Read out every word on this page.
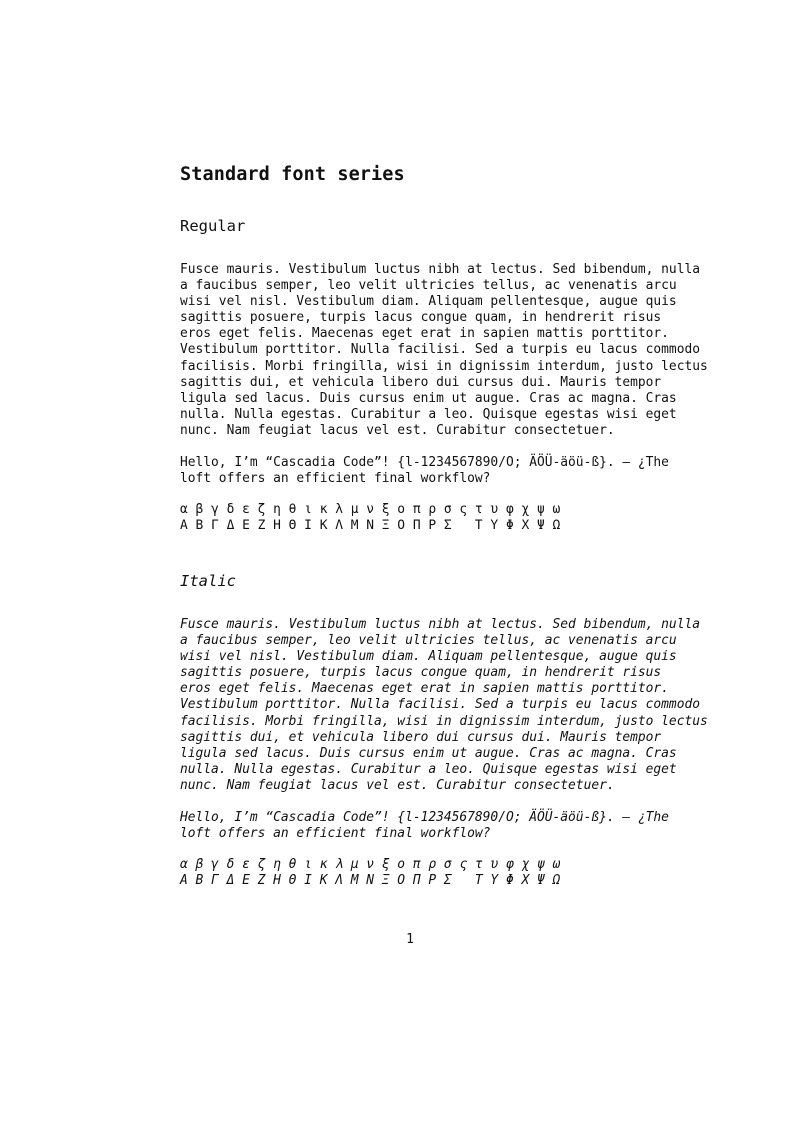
Standard font series
Regular
Fusce mauris. Vestibulum luctus nibh at lectus. Sed bibendum, nulla
a faucibus semper, leo velit ultricies tellus, ac venenatis arcu
wisi vel nisl. Vestibulum diam. Aliquam pellentesque, augue quis
sagittis posuere, turpis lacus congue quam, in hendrerit risus
eros eget felis. Maecenas eget erat in sapien mattis porttitor.
Vestibulum porttitor. Nulla facilisi. Sed a turpis eu lacus commodo
facilisis. Morbi fringilla, wisi in dignissim interdum, justo lectus
sagittis dui, et vehicula libero dui cursus dui. Mauris tempor
ligula sed lacus. Duis cursus enim ut augue. Cras ac magna. Cras
nulla. Nulla egestas. Curabitur a leo. Quisque egestas wisi eget
nunc. Nam feugiat lacus vel est. Curabitur consectetuer.
Hello, I’m “Cascadia Code”! {l-1234567890/O; ÄÖÜ-äöü-ß}. – ¿The
loft offers an efficient final workflow?
α β γ δ ε ζ η θ ι κ λ μ ν ξ ο π ρ σ ς τ υ φ χ ψ ω
Α Β Γ Δ Ε Ζ Η Θ Ι Κ Λ Μ Ν Ξ Ο Π Ρ Σ   Τ Υ Φ Χ Ψ Ω
Italic
Fusce mauris. Vestibulum luctus nibh at lectus. Sed bibendum, nulla
a faucibus semper, leo velit ultricies tellus, ac venenatis arcu
wisi vel nisl. Vestibulum diam. Aliquam pellentesque, augue quis
sagittis posuere, turpis lacus congue quam, in hendrerit risus
eros eget felis. Maecenas eget erat in sapien mattis porttitor.
Vestibulum porttitor. Nulla facilisi. Sed a turpis eu lacus commodo
facilisis. Morbi fringilla, wisi in dignissim interdum, justo lectus
sagittis dui, et vehicula libero dui cursus dui. Mauris tempor
ligula sed lacus. Duis cursus enim ut augue. Cras ac magna. Cras
nulla. Nulla egestas. Curabitur a leo. Quisque egestas wisi eget
nunc. Nam feugiat lacus vel est. Curabitur consectetuer.
Hello, I’m “Cascadia Code”! {l-1234567890/O; ÄÖÜ-äöü-ß}. – ¿The
loft offers an efficient final workflow?
α β γ δ ε ζ η θ ι κ λ μ ν ξ ο π ρ σ ς τ υ φ χ ψ ω
Α Β Γ Δ Ε Ζ Η Θ Ι Κ Λ Μ Ν Ξ Ο Π Ρ Σ   Τ Υ Φ Χ Ψ Ω

1
